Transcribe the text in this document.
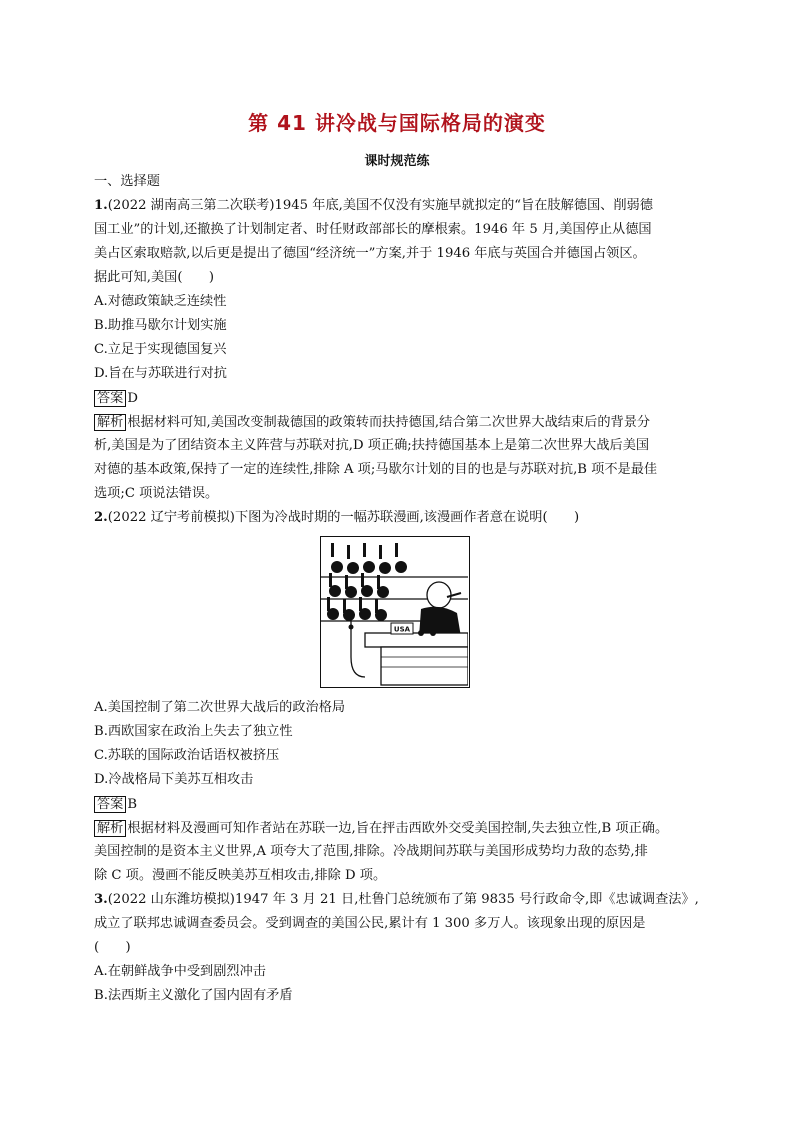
第 41 讲冷战与国际格局的演变
课时规范练
一、选择题
1.(2022 湖南高三第二次联考)1945 年底,美国不仅没有实施早就拟定的“旨在肢解德国、削弱德
国工业”的计划,还撤换了计划制定者、时任财政部部长的摩根索。1946 年 5 月,美国停止从德国
美占区索取赔款,以后更是提出了德国“经济统一”方案,并于 1946 年底与英国合并德国占领区。
据此可知,美国(　　)
A.对德政策缺乏连续性
B.助推马歇尔计划实施
C.立足于实现德国复兴
D.旨在与苏联进行对抗
答案 D
解析 根据材料可知,美国改变制裁德国的政策转而扶持德国,结合第二次世界大战结束后的背景分
析,美国是为了团结资本主义阵营与苏联对抗,D 项正确;扶持德国基本上是第二次世界大战后美国
对德的基本政策,保持了一定的连续性,排除 A 项;马歇尔计划的目的也是与苏联对抗,B 项不是最佳
选项;C 项说法错误。
2.(2022 辽宁考前模拟)下图为冷战时期的一幅苏联漫画,该漫画作者意在说明(　　)
USA
A.美国控制了第二次世界大战后的政治格局
B.西欧国家在政治上失去了独立性
C.苏联的国际政治话语权被挤压
D.冷战格局下美苏互相攻击
答案 B
解析 根据材料及漫画可知作者站在苏联一边,旨在抨击西欧外交受美国控制,失去独立性,B 项正确。
美国控制的是资本主义世界,A 项夸大了范围,排除。冷战期间苏联与美国形成势均力敌的态势,排
除 C 项。漫画不能反映美苏互相攻击,排除 D 项。
3.(2022 山东潍坊模拟)1947 年 3 月 21 日,杜鲁门总统颁布了第 9835 号行政命令,即《忠诚调查法》,
成立了联邦忠诚调查委员会。受到调查的美国公民,累计有 1 300 多万人。该现象出现的原因是
(　　)
A.在朝鲜战争中受到剧烈冲击
B.法西斯主义激化了国内固有矛盾
